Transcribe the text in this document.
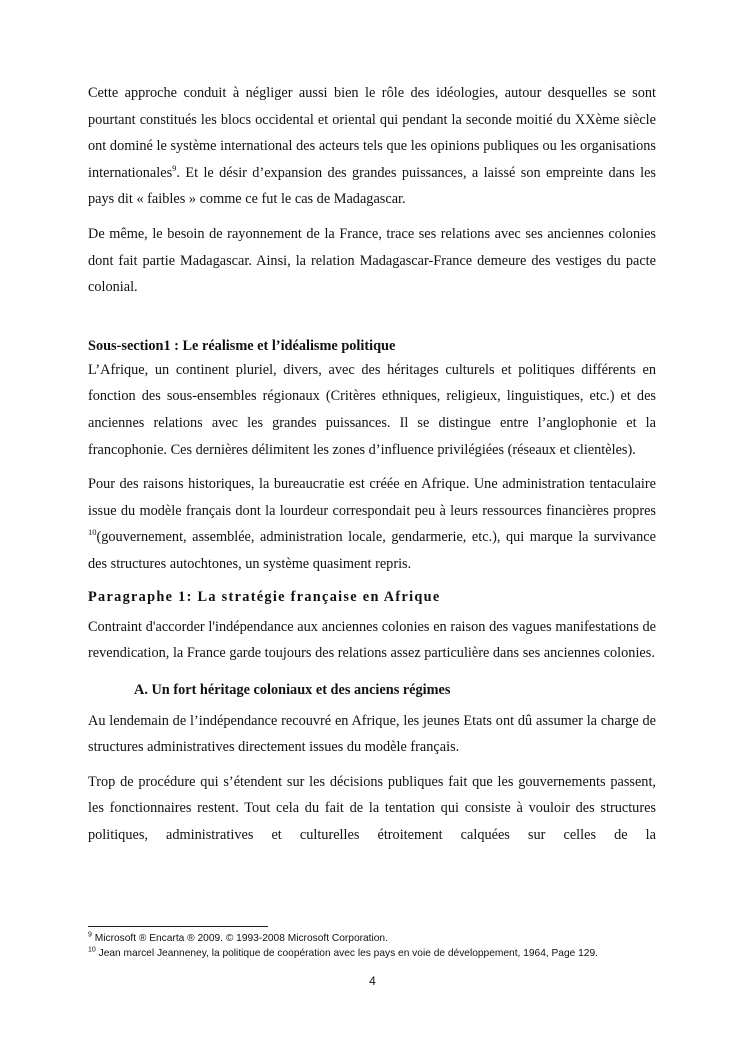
Cette approche conduit à négliger aussi bien le rôle des idéologies, autour desquelles se sont pourtant constitués les blocs occidental et oriental qui pendant la seconde moitié du XXème siècle ont dominé le système international des acteurs tels que les opinions publiques ou les organisations internationales$^9$. Et le désir d’expansion des grandes puissances, a laissé son empreinte dans les pays dit « faibles » comme ce fut le cas de Madagascar.

De même, le besoin de rayonnement de la France, trace ses relations avec ses anciennes colonies dont fait partie Madagascar. Ainsi, la relation Madagascar-France demeure des vestiges du pacte colonial.

Sous-section1 : Le réalisme et l’idéalisme politique

L’Afrique, un continent pluriel, divers, avec des héritages culturels et politiques différents en fonction des sous-ensembles régionaux (Critères ethniques, religieux, linguistiques, etc.) et des anciennes relations avec les grandes puissances. Il se distingue entre l’anglophonie et la francophonie. Ces dernières délimitent les zones d’influence privilégiées (réseaux et clientèles).

Pour des raisons historiques, la bureaucratie est créée en Afrique. Une administration tentaculaire issue du modèle français dont la lourdeur correspondait peu à leurs ressources financières propres $^{10}$(gouvernement, assemblée, administration locale, gendarmerie, etc.), qui marque la survivance des structures autochtones, un système quasiment repris.

Paragraphe 1: La stratégie française en Afrique

Contraint d'accorder l'indépendance aux anciennes colonies en raison des vagues manifestations de revendication, la France garde toujours des relations assez particulière dans ses anciennes colonies.

A. Un fort héritage coloniaux et des anciens régimes

Au lendemain de l’indépendance recouvré en Afrique, les jeunes Etats ont dû assumer la charge de structures administratives directement issues du modèle français.

Trop de procédure qui s’étendent sur les décisions publiques fait que les gouvernements passent, les fonctionnaires restent. Tout cela du fait de la tentation qui consiste à vouloir des structures politiques, administratives et culturelles étroitement calquées sur celles de la

$^9$ Microsoft ® Encarta ® 2009. © 1993-2008 Microsoft Corporation.
$^{10}$ Jean marcel Jeanneney, la politique de coopération avec les pays en voie de développement, 1964, Page 129.
4
